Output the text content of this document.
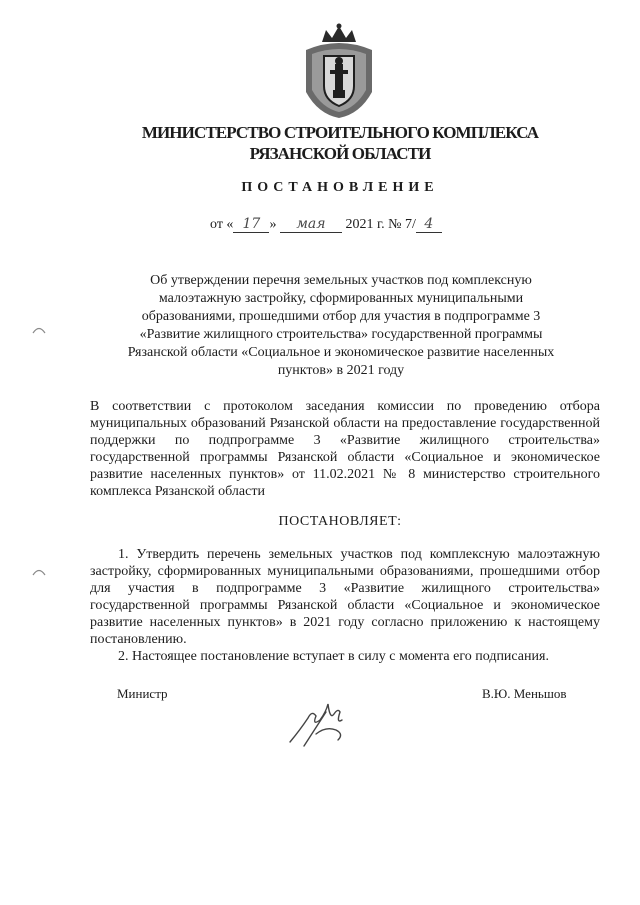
МИНИСТЕРСТВО СТРОИТЕЛЬНОГО КОМПЛЕКСА
РЯЗАНСКОЙ ОБЛАСТИ
ПОСТАНОВЛЕНИЕ
от « 17 » мая 2021 г. № 7/ 4
Об утверждении перечня земельных участков под комплексную малоэтажную застройку, сформированных муниципальными образованиями, прошедшими отбор для участия в подпрограмме 3 «Развитие жилищного строительства» государственной программы Рязанской области «Социальное и экономическое развитие населенных пунктов» в 2021 году
В соответствии с протоколом заседания комиссии по проведению отбора муниципальных образований Рязанской области на предоставление государственной поддержки по подпрограмме 3 «Развитие жилищного строительства» государственной программы Рязанской области «Социальное и экономическое развитие населенных пунктов» от 11.02.2021 № 8 министерство строительного комплекса Рязанской области
ПОСТАНОВЛЯЕТ:

1. Утвердить перечень земельных участков под комплексную малоэтажную застройку, сформированных муниципальными образованиями, прошедшими отбор для участия в подпрограмме 3 «Развитие жилищного строительства» государственной программы Рязанской области «Социальное и экономическое развитие населенных пунктов» в 2021 году согласно приложению к настоящему постановлению.

2. Настоящее постановление вступает в силу с момента его подписания.

Министр	В.Ю. Меньшов
